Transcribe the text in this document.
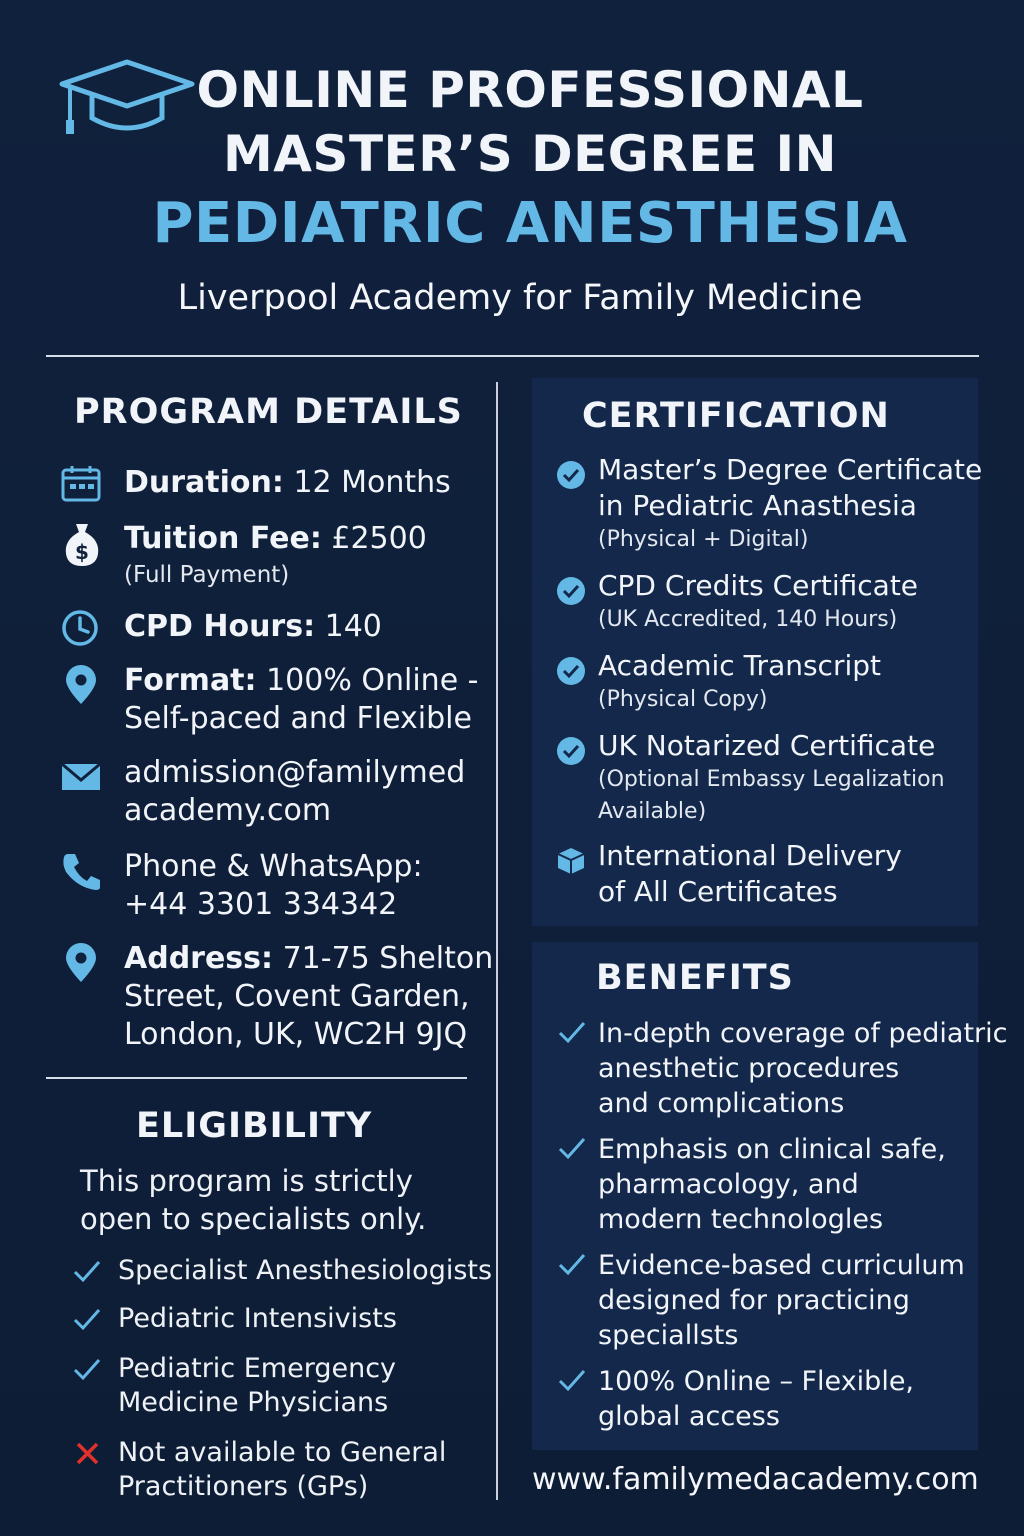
ONLINE PROFESSIONAL
MASTER’S DEGREE IN
PEDIATRIC ANESTHESIA
Liverpool Academy for Family Medicine
PROGRAM DETAILS
Duration: 12 Months
$ Tuition Fee: £2500
(Full Payment)
CPD Hours: 140
Format: 100% Online -
Self-paced and Flexible
admission@familymed
academy.com
Phone & WhatsApp:
+44 3301 334342
Address: 71-75 Shelton
Street, Covent Garden,
London, UK, WC2H 9JQ
ELIGIBILITY
This program is strictly
open to specialists only.
Specialist Anesthesiologists
Pediatric Intensivists
Pediatric Emergency
Medicine Physicians
Not available to General
Practitioners (GPs)
CERTIFICATION
Master’s Degree Certificate
in Pediatric Anasthesia
(Physical + Digital)
CPD Credits Certificate
(UK Accredited, 140 Hours)
Academic Transcript
(Physical Copy)
UK Notarized Certificate
(Optional Embassy Legalization
Available)
International Delivery
of All Certificates
BENEFITS
In-depth coverage of pediatric
anesthetic procedures
and complications
Emphasis on clinical safe,
pharmacology, and
modern technologles
Evidence-based curriculum
designed for practicing
speciallsts
100% Online – Flexible,
global access
www.familymedacademy.com
